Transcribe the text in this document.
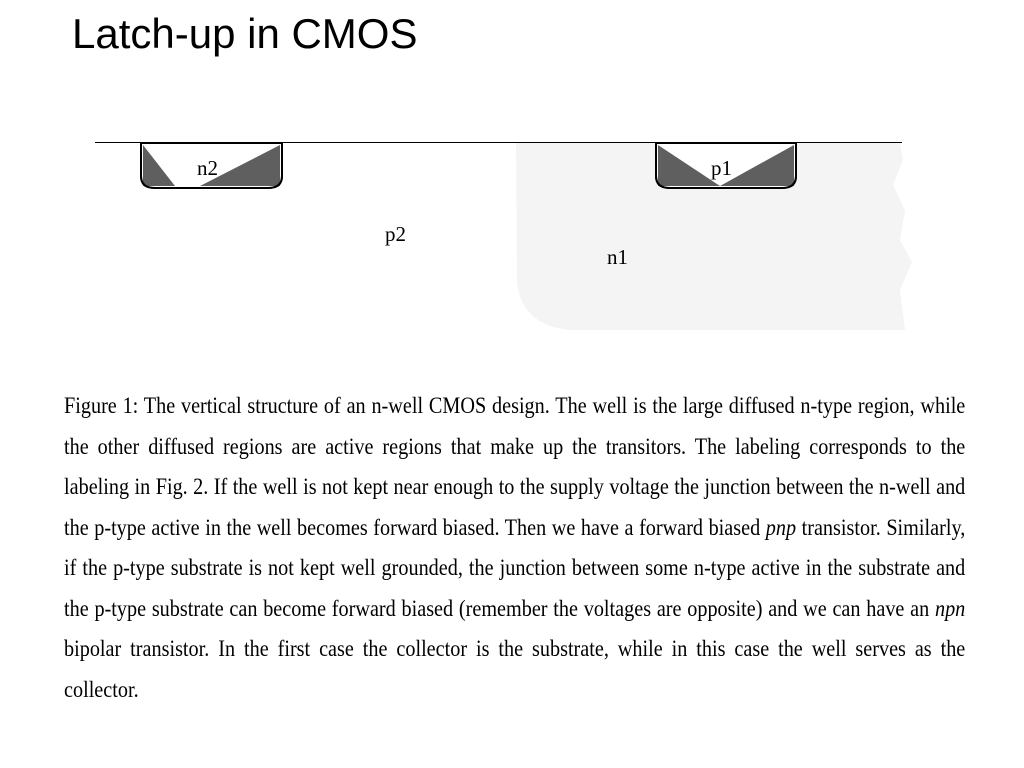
Latch-up in CMOS
n2	p1
p2
n1
Figure 1: The vertical structure of an n-well CMOS design. The well is the large diffused n-type region, while the other diffused regions are active regions that make up the transitors. The labeling corresponds to the labeling in Fig. 2. If the well is not kept near enough to the supply voltage the junction between the n-well and the p-type active in the well becomes forward biased. Then we have a forward biased pnp transistor. Similarly, if the p-type substrate is not kept well grounded, the junction between some n-type active in the substrate and the p-type substrate can become forward biased (remember the voltages are opposite) and we can have an npn bipolar transistor. In the first case the collector is the substrate, while in this case the well serves as the collector.
